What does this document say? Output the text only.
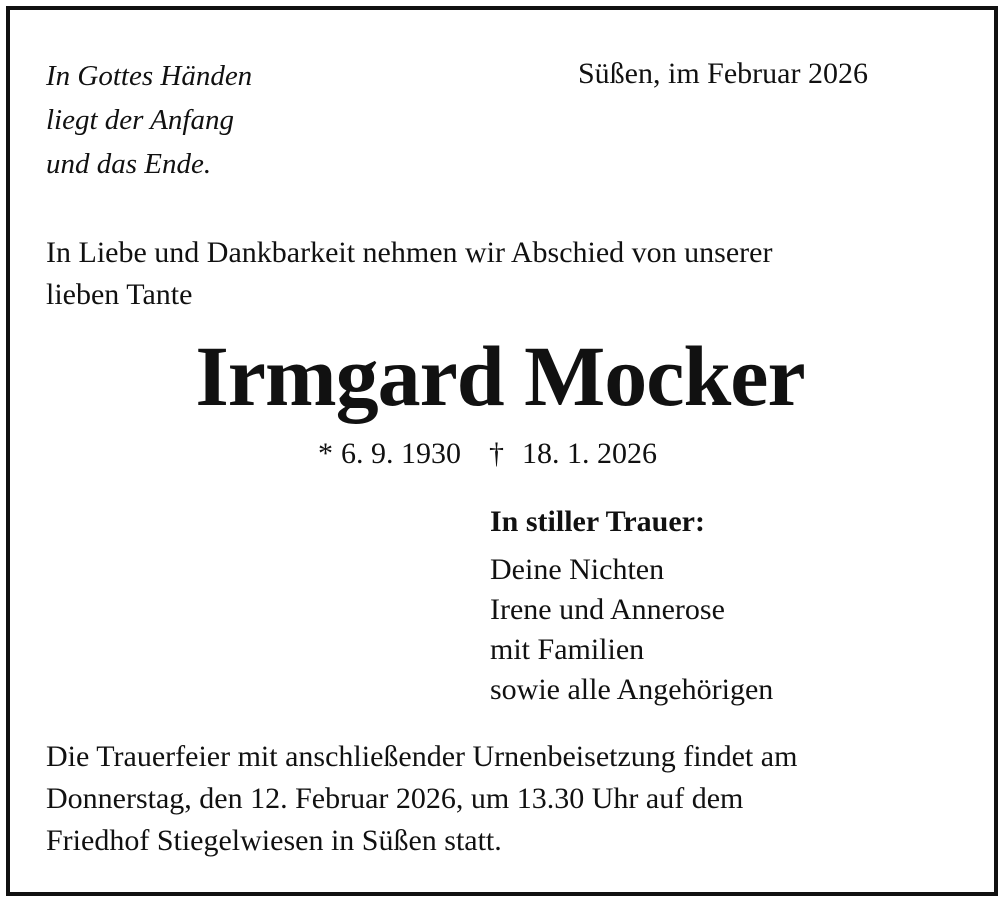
In Gottes Händen
liegt der Anfang
und das Ende.
Süßen, im Februar 2026
In Liebe und Dankbarkeit nehmen wir Abschied von unserer
lieben Tante
Irmgard Mocker
* 6. 9. 1930 † 18. 1. 2026
In stiller Trauer:
Deine Nichten
Irene und Annerose
mit Familien
sowie alle Angehörigen
Die Trauerfeier mit anschließender Urnenbeisetzung findet am
Donnerstag, den 12. Februar 2026, um 13.30 Uhr auf dem
Friedhof Stiegelwiesen in Süßen statt.
